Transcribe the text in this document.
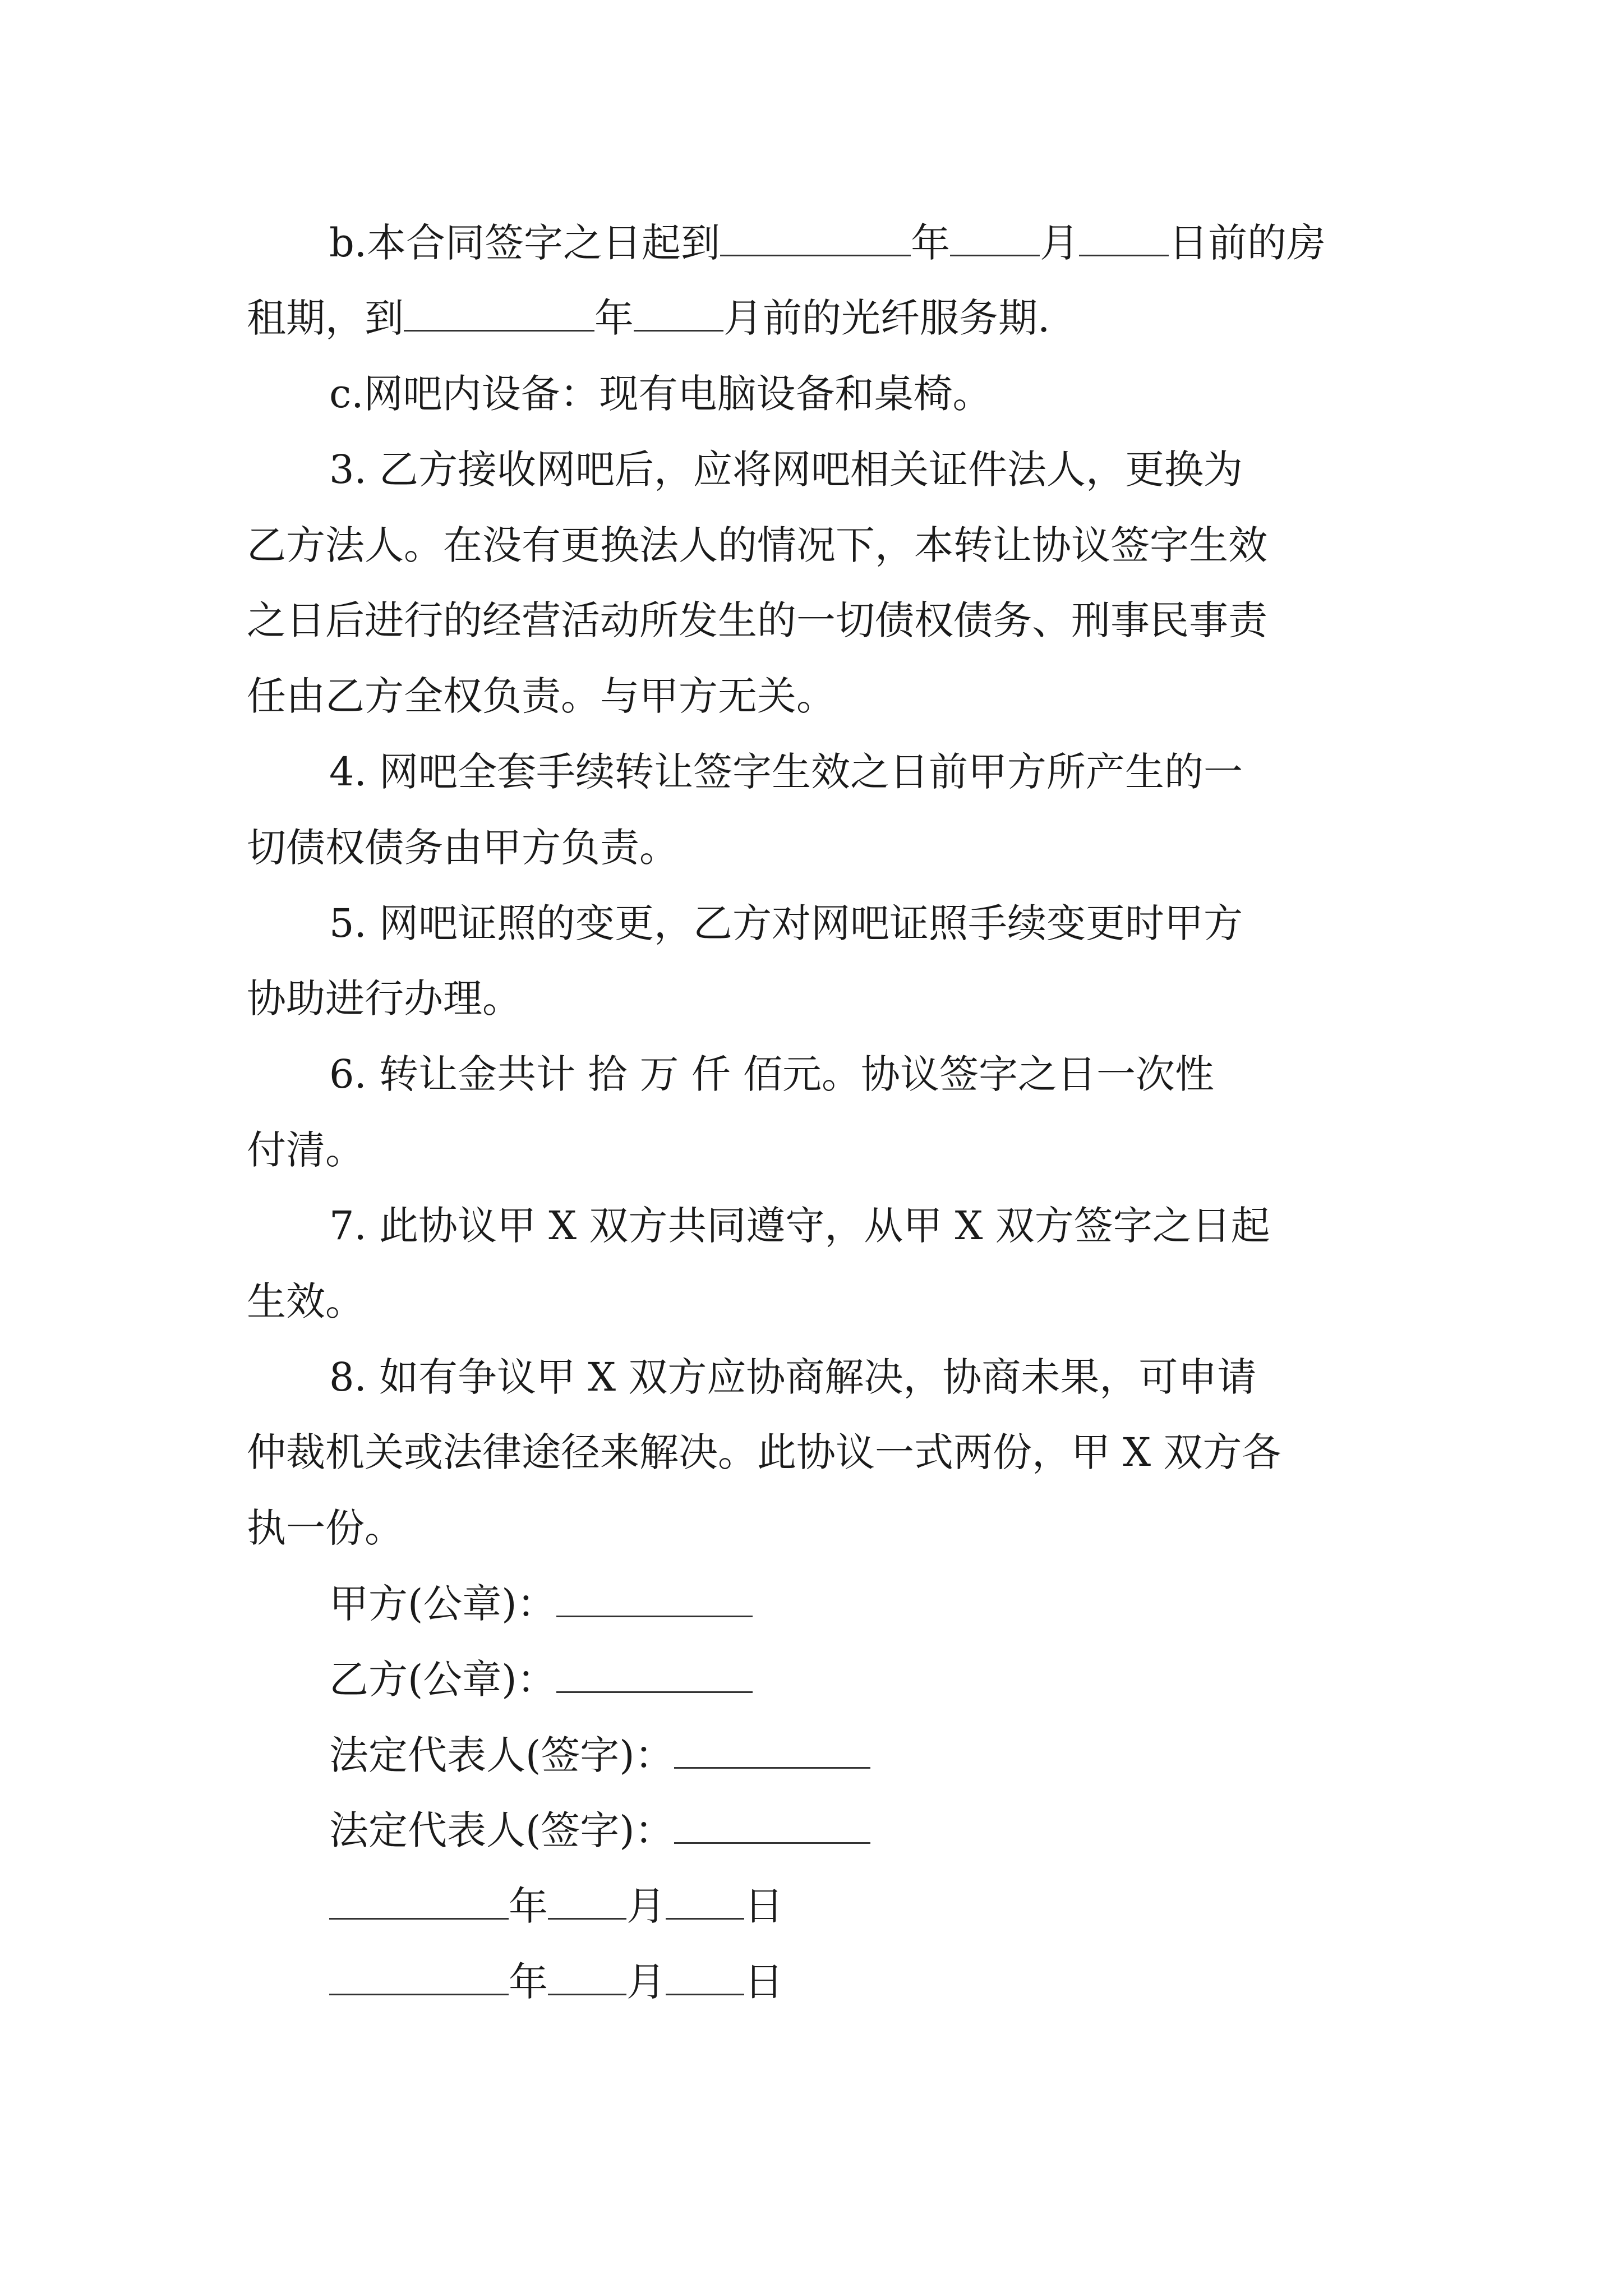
b.本合同签字之日起到	年 月 日前的房
租期，到	年 月前的光纤服务期.
c.网吧内设备：现有电脑设备和桌椅。
3. 乙方接收网吧后，应将网吧相关证件法人，更换为
乙方法人。在没有更换法人的情况下，本转让协议签字生效
之日后进行的经营活动所发生的一切债权债务、刑事民事责
任由乙方全权负责。与甲方无关。
4. 网吧全套手续转让签字生效之日前甲方所产生的一
切债权债务由甲方负责。
5. 网吧证照的变更，乙方对网吧证照手续变更时甲方
协助进行办理。
6. 转让金共计 拾 万 仟 佰元。协议签字之日一次性
付清。
7. 此协议甲 X 双方共同遵守，从甲 X 双方签字之日起
生效。
8. 如有争议甲 X 双方应协商解决，协商未果，可申请
仲裁机关或法律途径来解决。此协议一式两份，甲 X 双方各
执一份。
甲方(公章)：
乙方(公章)：
法定代表人(签字)：
法定代表人(签字)：
年 月 日
年 月 日
